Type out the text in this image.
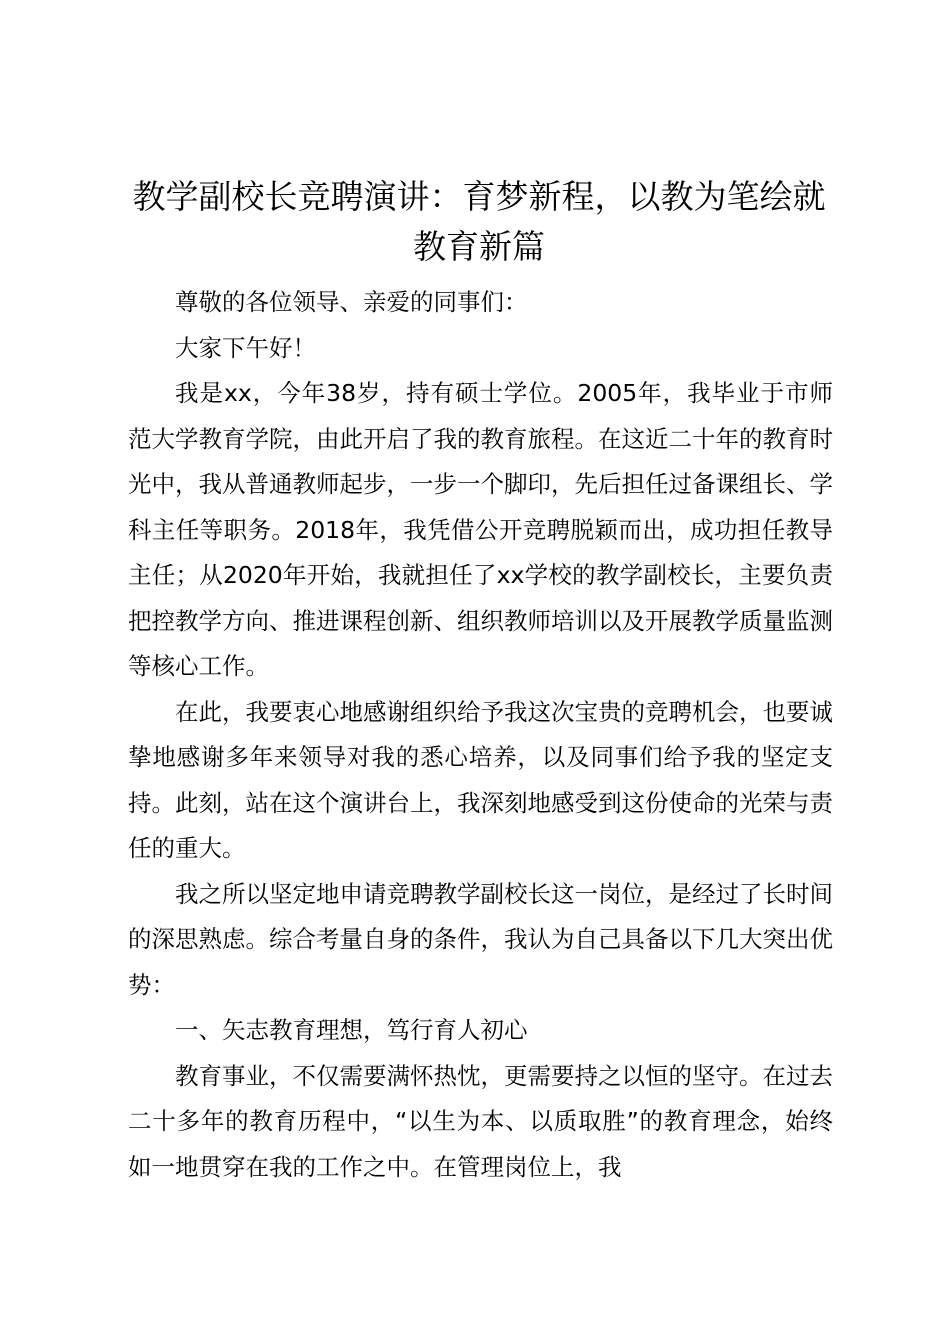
教学副校长竞聘演讲：育梦新程，以教为笔绘就教育新篇

尊敬的各位领导、亲爱的同事们：

大家下午好！

我是xx，今年38岁，持有硕士学位。2005年，我毕业于市师范大学教育学院，由此开启了我的教育旅程。在这近二十年的教育时光中，我从普通教师起步，一步一个脚印，先后担任过备课组长、学科主任等职务。2018年，我凭借公开竞聘脱颖而出，成功担任教导主任；从2020年开始，我就担任了xx学校的教学副校长，主要负责把控教学方向、推进课程创新、组织教师培训以及开展教学质量监测等核心工作。

在此，我要衷心地感谢组织给予我这次宝贵的竞聘机会，也要诚挚地感谢多年来领导对我的悉心培养，以及同事们给予我的坚定支持。此刻，站在这个演讲台上，我深刻地感受到这份使命的光荣与责任的重大。

我之所以坚定地申请竞聘教学副校长这一岗位，是经过了长时间的深思熟虑。综合考量自身的条件，我认为自己具备以下几大突出优势：

一、矢志教育理想，笃行育人初心

教育事业，不仅需要满怀热忱，更需要持之以恒的坚守。在过去二十多年的教育历程中，“以生为本、以质取胜”的教育理念，始终如一地贯穿在我的工作之中。在管理岗位上，我
